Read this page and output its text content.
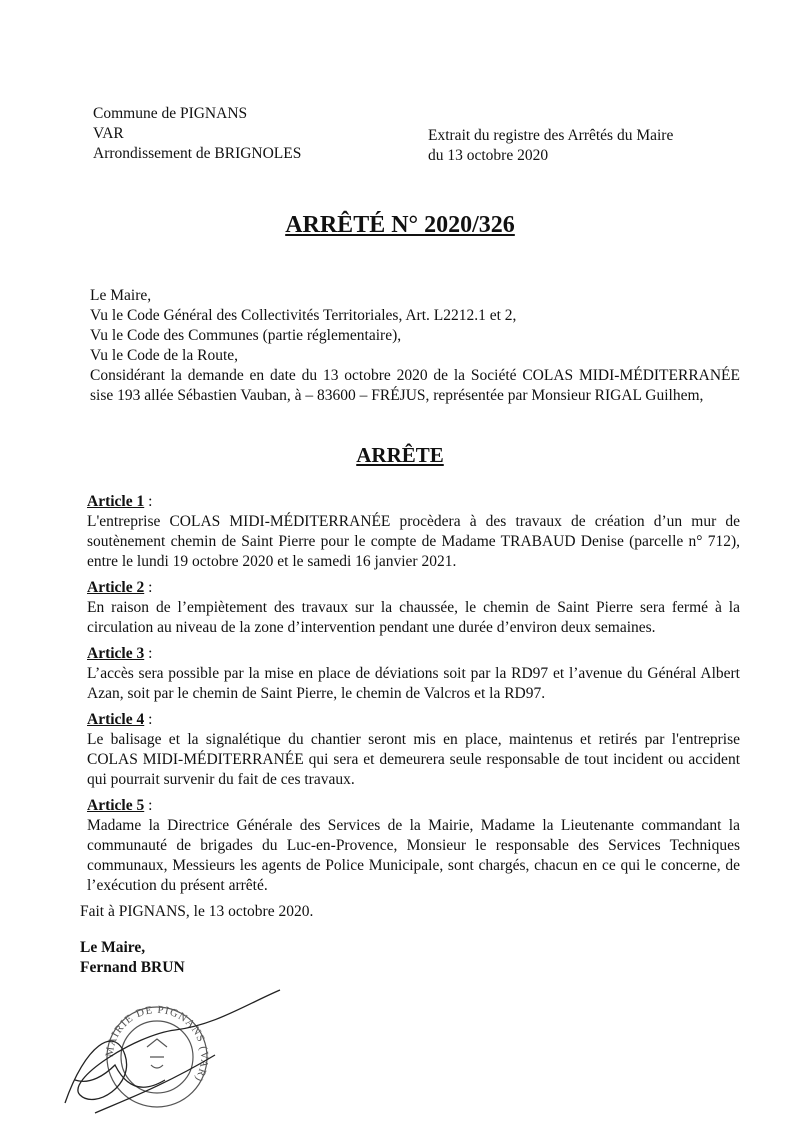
Commune de PIGNANS
VAR
Arrondissement de BRIGNOLES
Extrait du registre des Arrêtés du Maire
du 13 octobre 2020
ARRÊTÉ N° 2020/326
Le Maire,
Vu le Code Général des Collectivités Territoriales, Art. L2212.1 et 2,
Vu le Code des Communes (partie réglementaire),
Vu le Code de la Route,
Considérant la demande en date du 13 octobre 2020 de la Société COLAS MIDI-MÉDITERRANÉE sise 193 allée Sébastien Vauban, à – 83600 – FRÉJUS, représentée par Monsieur RIGAL Guilhem,
ARRÊTE
Article 1 :
L'entreprise COLAS MIDI-MÉDITERRANÉE procèdera à des travaux de création d’un mur de soutènement chemin de Saint Pierre pour le compte de Madame TRABAUD Denise (parcelle n° 712), entre le lundi 19 octobre 2020 et le samedi 16 janvier 2021.
Article 2 :
En raison de l’empiètement des travaux sur la chaussée, le chemin de Saint Pierre sera fermé à la circulation au niveau de la zone d’intervention pendant une durée d’environ deux semaines.
Article 3 :
L’accès sera possible par la mise en place de déviations soit par la RD97 et l’avenue du Général Albert Azan, soit par le chemin de Saint Pierre, le chemin de Valcros et la RD97.
Article 4 :
Le balisage et la signalétique du chantier seront mis en place, maintenus et retirés par l'entreprise COLAS MIDI-MÉDITERRANÉE qui sera et demeurera seule responsable de tout incident ou accident qui pourrait survenir du fait de ces travaux.
Article 5 :
Madame la Directrice Générale des Services de la Mairie, Madame la Lieutenante commandant la communauté de brigades du Luc-en-Provence, Monsieur le responsable des Services Techniques communaux, Messieurs les agents de Police Municipale, sont chargés, chacun en ce qui le concerne, de l’exécution du présent arrêté.
Fait à PIGNANS, le 13 octobre 2020.
Le Maire,
Fernand BRUN
MAIRIE DE PIGNANS (VAR)
